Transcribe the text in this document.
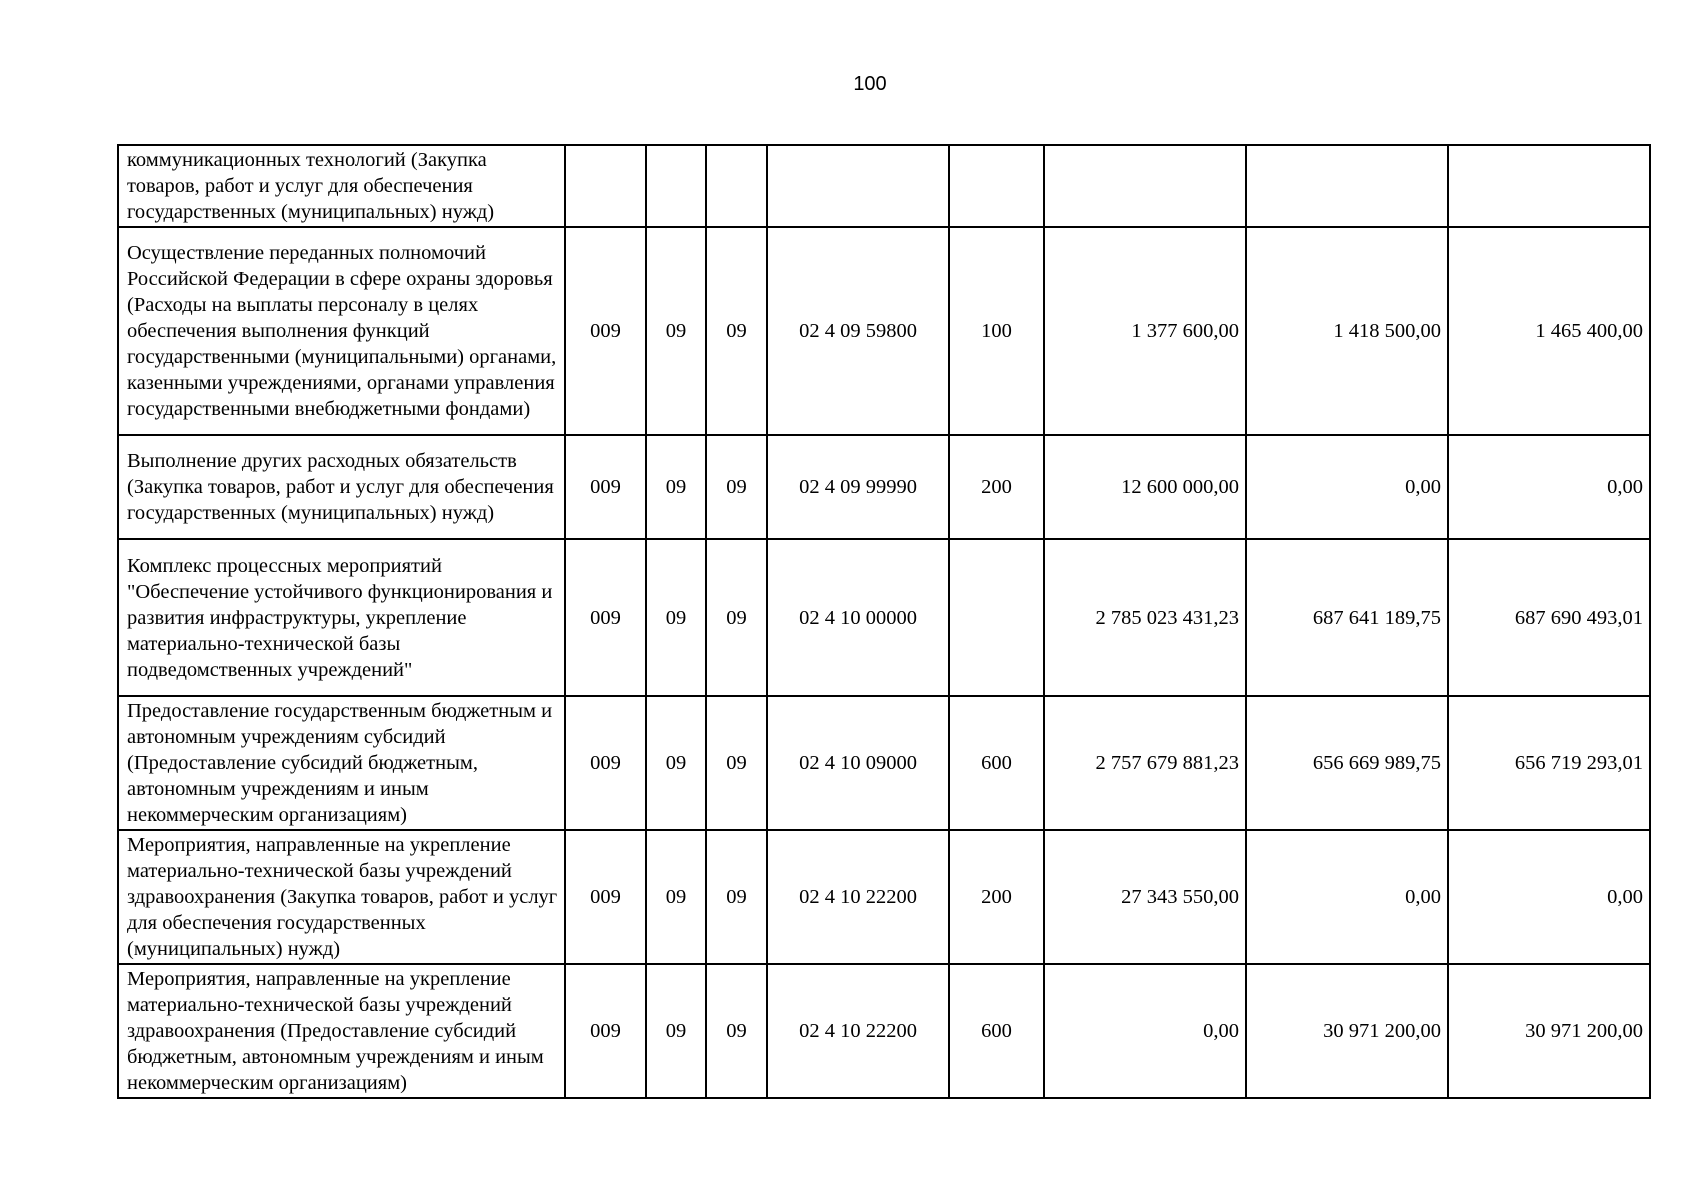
100
коммуникационных технологий (Закупка товаров, работ и услуг для обеспечения государственных (муниципальных) нужд)								
Осуществление переданных полномочий Российской Федерации в сфере охраны здоровья (Расходы на выплаты персоналу в целях обеспечения выполнения функций государственными (муниципальными) органами, казенными учреждениями, органами управления государственными внебюджетными фондами)	009	09	09	02 4 09 59800	100	1 377 600,00	1 418 500,00	1 465 400,00
Выполнение других расходных обязательств (Закупка товаров, работ и услуг для обеспечения государственных (муниципальных) нужд)	009	09	09	02 4 09 99990	200	12 600 000,00	0,00	0,00
Комплекс процессных мероприятий "Обеспечение устойчивого функционирования и развития инфраструктуры, укрепление материально-технической базы подведомственных учреждений"	009	09	09	02 4 10 00000		2 785 023 431,23	687 641 189,75	687 690 493,01
Предоставление государственным бюджетным и автономным учреждениям субсидий (Предоставление субсидий бюджетным, автономным учреждениям и иным некоммерческим организациям)	009	09	09	02 4 10 09000	600	2 757 679 881,23	656 669 989,75	656 719 293,01
Мероприятия, направленные на укрепление материально-технической базы учреждений здравоохранения (Закупка товаров, работ и услуг для обеспечения государственных (муниципальных) нужд)	009	09	09	02 4 10 22200	200	27 343 550,00	0,00	0,00
Мероприятия, направленные на укрепление материально-технической базы учреждений здравоохранения (Предоставление субсидий бюджетным, автономным учреждениям и иным некоммерческим организациям)	009	09	09	02 4 10 22200	600	0,00	30 971 200,00	30 971 200,00
